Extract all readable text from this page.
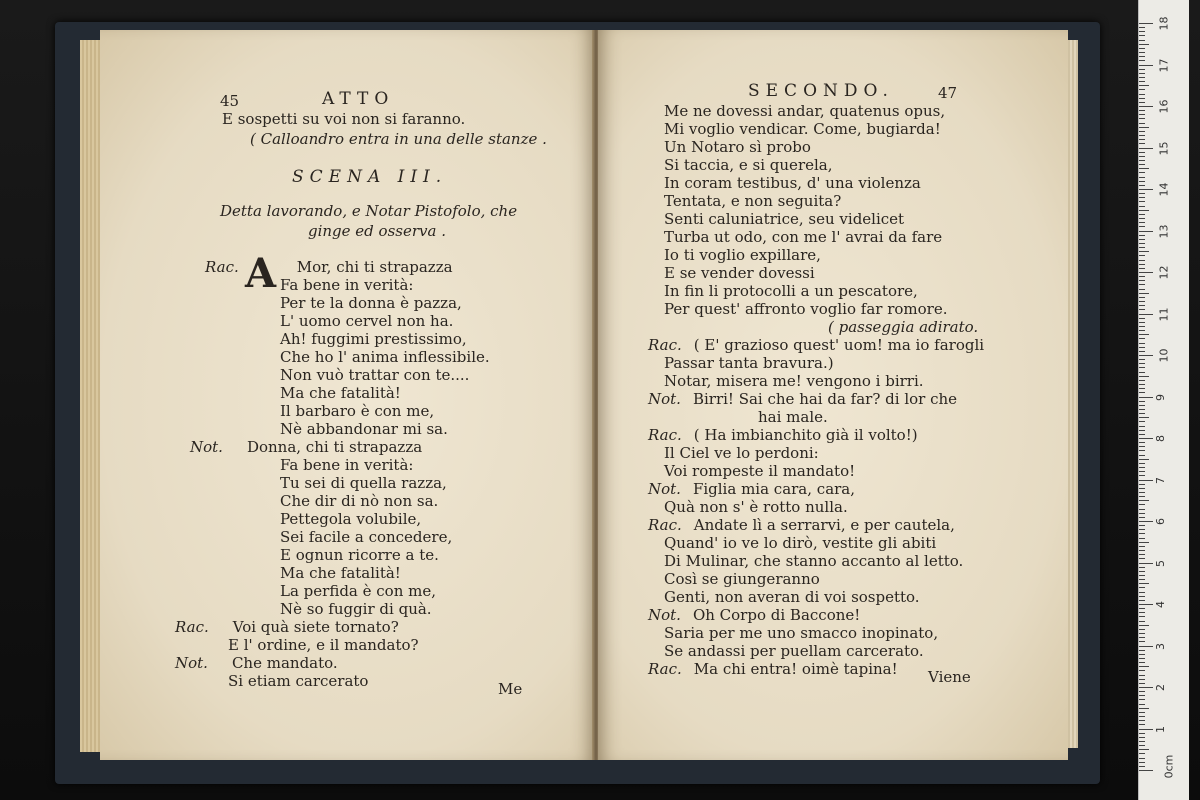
45	ATTO
A
E sospetti su voi non si faranno.
( Calloandro entra in una delle stanze .
SCENA III.
Detta lavorando, e Notar Pistofolo, che
ginge ed osserva .
Rac.	Mor, chi ti strapazza
Fa bene in verità:
Per te la donna è pazza,
L' uomo cervel non ha.
Ah! fuggimi prestissimo,
Che ho l' anima inflessibile.
Non vuò trattar con te....
Ma che fatalità!
Il barbaro è con me,
Nè abbandonar mi sa.
Not. Donna, chi ti strapazza
Fa bene in verità:
Tu sei di quella razza,
Che dir di nò non sa.
Pettegola volubile,
Sei facile a concedere,
E ognun ricorre a te.
Ma che fatalità!
La perfida è con me,
Nè so fuggir di quà.
Rac. Voi quà siete tornato?
E l' ordine, e il mandato?
Not. Che mandato.
Si etiam carcerato	Me
SECONDO.	47
Me ne dovessi andar, quatenus opus,
Mi voglio vendicar. Come, bugiarda!
Un Notaro sì probo
Si taccia, e si querela,
In coram testibus, d' una violenza
Tentata, e non seguita?
Senti caluniatrice, seu videlicet
Turba ut odo, con me l' avrai da fare
Io ti voglio expillare,
E se vender dovessi
In fin li protocolli a un pescatore,
Per quest' affronto voglio far romore.
( passeggia adirato.
Rac. ( E' grazioso quest' uom! ma io farogli
Passar tanta bravura.)
Notar, misera me! vengono i birri.
Not. Birri! Sai che hai da far? di lor che
hai male.
Rac. ( Ha imbianchito già il volto!)
Il Ciel ve lo perdoni:
Voi rompeste il mandato!
Not. Figlia mia cara, cara,
Quà non s' è rotto nulla.
Rac. Andate lì a serrarvi, e per cautela,
Quand' io ve lo dirò, vestite gli abiti
Di Mulinar, che stanno accanto al letto.
Così se giungeranno
Genti, non averan di voi sospetto.
Not. Oh Corpo di Baccone!
Saria per me uno smacco inopinato,
Se andassi per puellam carcerato.
Rac. Ma chi entra! oimè tapina! Viene
0cm
1
2
3
4
5
6
7
8
9
10
11
12
13
14
15
16
17
18
